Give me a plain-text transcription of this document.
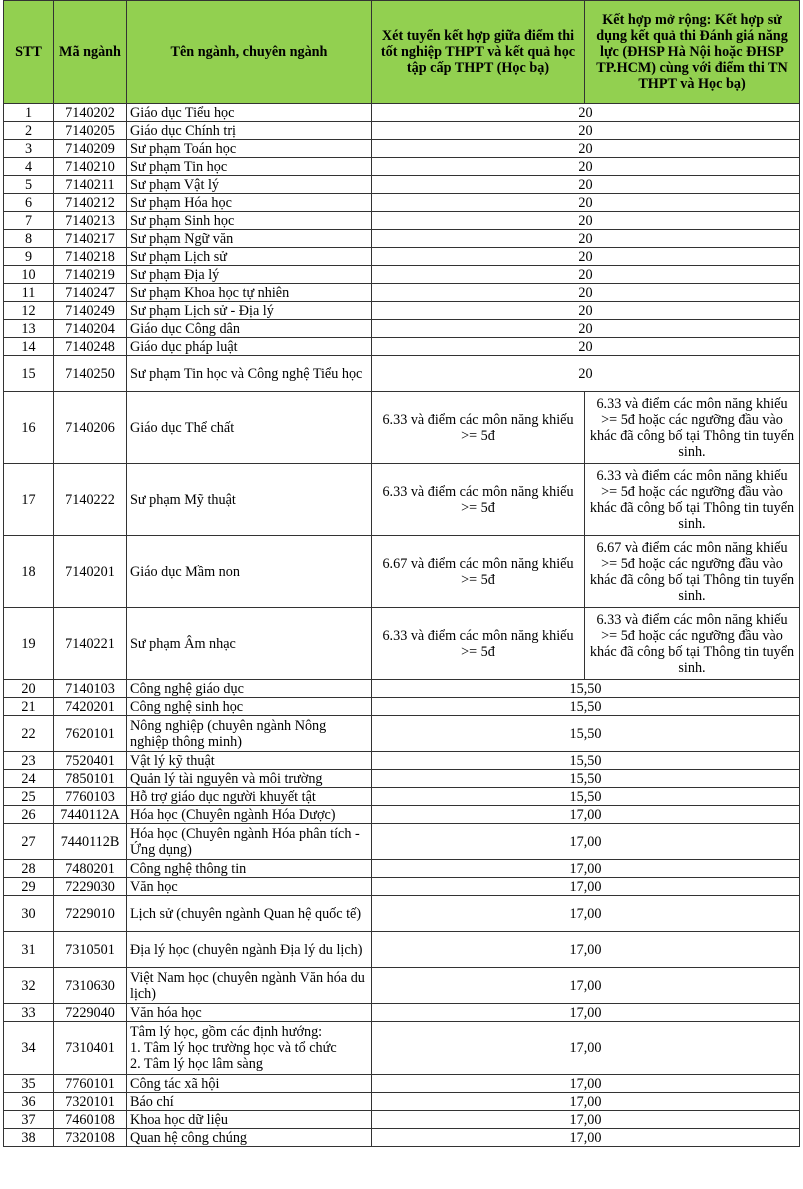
STT	Mã ngành	Tên ngành, chuyên ngành	Xét tuyển kết hợp giữa điểm thi tốt nghiệp THPT và kết quả học tập cấp THPT (Học bạ)	Kết hợp mở rộng: Kết hợp sử dụng kết quả thi Đánh giá năng lực (ĐHSP Hà Nội hoặc ĐHSP TP.HCM) cùng với điểm thi TN THPT và Học bạ)
1	7140202	Giáo dục Tiểu học	20	
2	7140205	Giáo dục Chính trị	20	
3	7140209	Sư phạm Toán học	20	
4	7140210	Sư phạm Tin học	20	
5	7140211	Sư phạm Vật lý	20	
6	7140212	Sư phạm Hóa học	20	
7	7140213	Sư phạm Sinh học	20	
8	7140217	Sư phạm Ngữ văn	20	
9	7140218	Sư phạm Lịch sử	20	
10	7140219	Sư phạm Địa lý	20	
11	7140247	Sư phạm Khoa học tự nhiên	20	
12	7140249	Sư phạm Lịch sử - Địa lý	20	
13	7140204	Giáo dục Công dân	20	
14	7140248	Giáo dục pháp luật	20	
15	7140250	Sư phạm Tin học và Công nghệ Tiểu học	20	
16	7140206	Giáo dục Thể chất	6.33 và điểm các môn năng khiếu >= 5đ	6.33 và điểm các môn năng khiếu >= 5đ hoặc các ngưỡng đầu vào khác đã công bố tại Thông tin tuyển sinh.
17	7140222	Sư phạm Mỹ thuật	6.33 và điểm các môn năng khiếu >= 5đ	6.33 và điểm các môn năng khiếu >= 5đ hoặc các ngưỡng đầu vào khác đã công bố tại Thông tin tuyển sinh.
18	7140201	Giáo dục Mầm non	6.67 và điểm các môn năng khiếu >= 5đ	6.67 và điểm các môn năng khiếu >= 5đ hoặc các ngưỡng đầu vào khác đã công bố tại Thông tin tuyển sinh.
19	7140221	Sư phạm Âm nhạc	6.33 và điểm các môn năng khiếu >= 5đ	6.33 và điểm các môn năng khiếu >= 5đ hoặc các ngưỡng đầu vào khác đã công bố tại Thông tin tuyển sinh.
20	7140103	Công nghệ giáo dục	15,50	
21	7420201	Công nghệ sinh học	15,50	
22	7620101	Nông nghiệp (chuyên ngành Nông nghiệp thông minh)	15,50	
23	7520401	Vật lý kỹ thuật	15,50	
24	7850101	Quản lý tài nguyên và môi trường	15,50	
25	7760103	Hỗ trợ giáo dục người khuyết tật	15,50	
26	7440112A	Hóa học (Chuyên ngành Hóa Dược)	17,00	
27	7440112B	Hóa học (Chuyên ngành Hóa phân tích - Ứng dụng)	17,00	
28	7480201	Công nghệ thông tin	17,00	
29	7229030	Văn học	17,00	
30	7229010	Lịch sử (chuyên ngành Quan hệ quốc tế)	17,00	
31	7310501	Địa lý học (chuyên ngành Địa lý du lịch)	17,00	
32	7310630	Việt Nam học (chuyên ngành Văn hóa du lịch)	17,00	
33	7229040	Văn hóa học	17,00	
34	7310401	Tâm lý học, gồm các định hướng:
1. Tâm lý học trường học và tổ chức
2. Tâm lý học lâm sàng	17,00	
35	7760101	Công tác xã hội	17,00	
36	7320101	Báo chí	17,00	
37	7460108	Khoa học dữ liệu	17,00	
38	7320108	Quan hệ công chúng	17,00	
